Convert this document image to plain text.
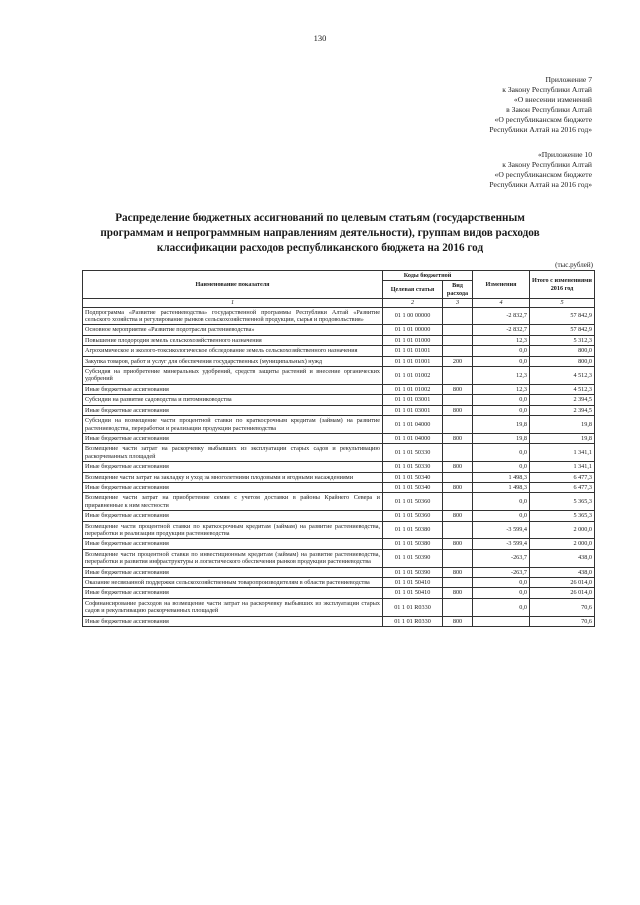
130
Приложение 7
к Закону Республики Алтай
«О внесении изменений
в Закон Республики Алтай
«О республиканском бюджете
Республики Алтай на 2016 год»
«Приложение 10
к Закону Республики Алтай
«О республиканском бюджете
Республики Алтай на 2016 год»
Распределение бюджетных ассигнований по целевым статьям (государственным
программам и непрограммным направлениям деятельности), группам видов расходов
классификации расходов республиканского бюджета на 2016 год
(тыс.рублей)
Наименование показателя	Коды бюджетной		Изменения	Итого с изменениями 2016 год
	Целевая статья	Вид расхода		
1	2	3	4	5
Подпрограмма «Развитие растениеводства» государственной программы Республики Алтай «Развитие сельского хозяйства и регулирование рынков сельскохозяйственной продукции, сырья и продовольствия»	01 1 00 00000		-2 832,7	57 842,9
Основное мероприятие «Развитие подотрасли растениеводства»	01 1 01 00000		-2 832,7	57 842,9
Повышение плодородия земель сельскохозяйственного назначения	01 1 01 01000		12,3	5 312,3
Агрохимическое и эколого-токсикологическое обследование земель сельскохозяйственного назначения	01 1 01 01001		0,0	800,0
Закупка товаров, работ и услуг для обеспечения государственных (муниципальных) нужд	01 1 01 01001	200	0,0	800,0
Субсидия на приобретение минеральных удобрений, средств защиты растений и внесение органических удобрений	01 1 01 01002		12,3	4 512,3
Иные бюджетные ассигнования	01 1 01 01002	800	12,3	4 512,3
Субсидии на развитие садоводства и питомниководства	01 1 01 03001		0,0	2 394,5
Иные бюджетные ассигнования	01 1 01 03001	800	0,0	2 394,5
Субсидии на возмещение части процентной ставки по краткосрочным кредитам (займам) на развитие растениеводства, переработки и реализации продукции растениеводства	01 1 01 04000		19,8	19,8
Иные бюджетные ассигнования	01 1 01 04000	800	19,8	19,8
Возмещение части затрат на раскорчевку выбывших из эксплуатации старых садов и рекультивацию раскорчеванных площадей	01 1 01 50330		0,0	1 341,1
Иные бюджетные ассигнования	01 1 01 50330	800	0,0	1 341,1
Возмещение части затрат на закладку и уход за многолетними плодовыми и ягодными насаждениями	01 1 01 50340		1 498,3	6 477,3
Иные бюджетные ассигнования	01 1 01 50340	800	1 498,3	6 477,3
Возмещение части затрат на приобретение семян с учетом доставки в районы Крайнего Севера и приравненные к ним местности	01 1 01 50360		0,0	5 365,3
Иные бюджетные ассигнования	01 1 01 50360	800	0,0	5 365,3
Возмещение части процентной ставки по краткосрочным кредитам (займам) на развитие растениеводства, переработки и реализации продукции растениеводства	01 1 01 50380		-3 599,4	2 000,0
Иные бюджетные ассигнования	01 1 01 50380	800	-3 599,4	2 000,0
Возмещение части процентной ставки по инвестиционным кредитам (займам) на развитие растениеводства, переработки и развития инфраструктуры и логистического обеспечения рынков продукции растениеводства	01 1 01 50390		-263,7	438,0
Иные бюджетные ассигнования	01 1 01 50390	800	-263,7	438,0
Оказание несвязанной поддержки сельскохозяйственным товаропроизводителям в области растениеводства	01 1 01 50410		0,0	26 014,0
Иные бюджетные ассигнования	01 1 01 50410	800	0,0	26 014,0
Софинансирование расходов на возмещение части затрат на раскорчевку выбывших из эксплуатации старых садов и рекультивацию раскорчеванных площадей	01 1 01 R0330		0,0	70,6
Иные бюджетные ассигнования	01 1 01 R0330	800		70,6
